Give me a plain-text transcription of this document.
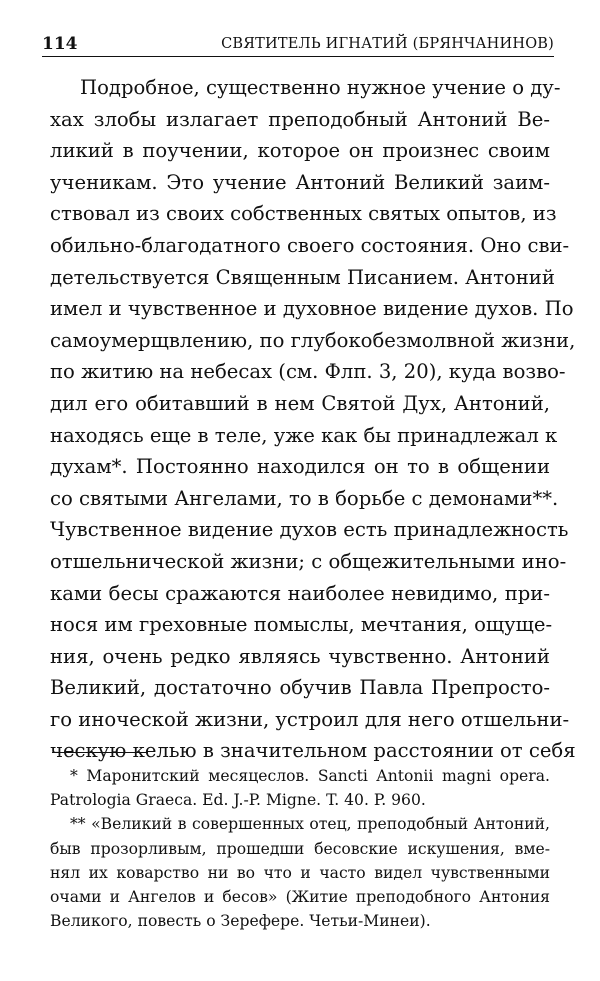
114	СВЯТИТЕЛЬ ИГНАТИЙ (БРЯНЧАНИНОВ)
Подробное, существенно нужное учение о ду-
хах злобы излагает преподобный Антоний Ве-
ликий в поучении, которое он произнес своим
ученикам. Это учение Антоний Великий заим-
ствовал из своих собственных святых опытов, из
обильно-благодатного своего состояния. Оно сви-
детельствуется Священным Писанием. Антоний
имел и чувственное и духовное видение духов. По
самоумерщвлению, по глубокобезмолвной жизни,
по житию на небесах (см. Флп. 3, 20), куда возво-
дил его обитавший в нем Святой Дух, Антоний,
находясь еще в теле, уже как бы принадлежал к
духам*. Постоянно находился он то в общении
со святыми Ангелами, то в борьбе с демонами**.
Чувственное видение духов есть принадлежность
отшельнической жизни; с общежительными ино-
ками бесы сражаются наиболее невидимо, при-
нося им греховные помыслы, мечтания, ощуще-
ния, очень редко являясь чувственно. Антоний
Великий, достаточно обучив Павла Препросто-
го иноческой жизни, устроил для него отшельни-
ческую келью в значительном расстоянии от себя
* Маронитский месяцеслов. Sancti Antonii magni opera.
Patrologia Graeca. Ed. J.-P. Migne. T. 40. P. 960.
** «Великий в совершенных отец, преподобный Антоний,
быв прозорливым, прошедши бесовские искушения, вме-
нял их коварство ни во что и часто видел чувственными
очами и Ангелов и бесов» (Житие преподобного Антония
Великого, повесть о Зерефере. Четьи-Минеи).
